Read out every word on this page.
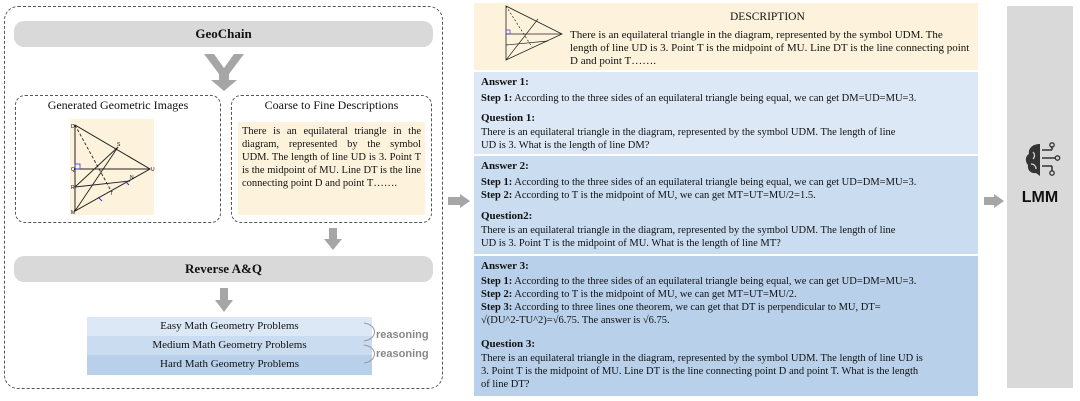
GeoChain
Generated Geometric Images
D
U
M
Q
R
S
T
N
Coarse to Fine Descriptions
There is an equilateral triangle in the diagram, represented by the symbol UDM. The length of line UD is 3. Point T is the midpoint of MU. Line DT is the line connecting point D and point T…….
Reverse A&Q
Easy Math Geometry Problems
Medium Math Geometry Problems
Hard Math Geometry Problems
reasoning
reasoning
DESCRIPTION
There is an equilateral triangle in the diagram, represented by the symbol UDM. The length of line UD is 3. Point T is the midpoint of MU. Line DT is the line connecting point D and point T…….
Answer 1:
Step 1: According to the three sides of an equilateral triangle being equal, we can get DM=UD=MU=3.
Question 1:
There is an equilateral triangle in the diagram, represented by the symbol UDM. The length of line
UD is 3. What is the length of line DM?
Answer 2:
Step 1: According to the three sides of an equilateral triangle being equal, we can get UD=DM=MU=3.
Step 2: According to T is the midpoint of MU, we can get MT=UT=MU/2=1.5.
Question2:
There is an equilateral triangle in the diagram, represented by the symbol UDM. The length of line
UD is 3. Point T is the midpoint of MU. What is the length of line MT?
Answer 3:
Step 1: According to the three sides of an equilateral triangle being equal, we can get UD=DM=MU=3.
Step 2: According to T is the midpoint of MU, we can get MT=UT=MU/2.
Step 3: According to three lines one theorem, we can get that DT is perpendicular to MU, DT=
√(DU^2-TU^2)=√6.75. The answer is √6.75.
Question 3:
There is an equilateral triangle in the diagram, represented by the symbol UDM. The length of line UD is
3. Point T is the midpoint of MU. Line DT is the line connecting point D and point T. What is the length
of line DT?
LMM
